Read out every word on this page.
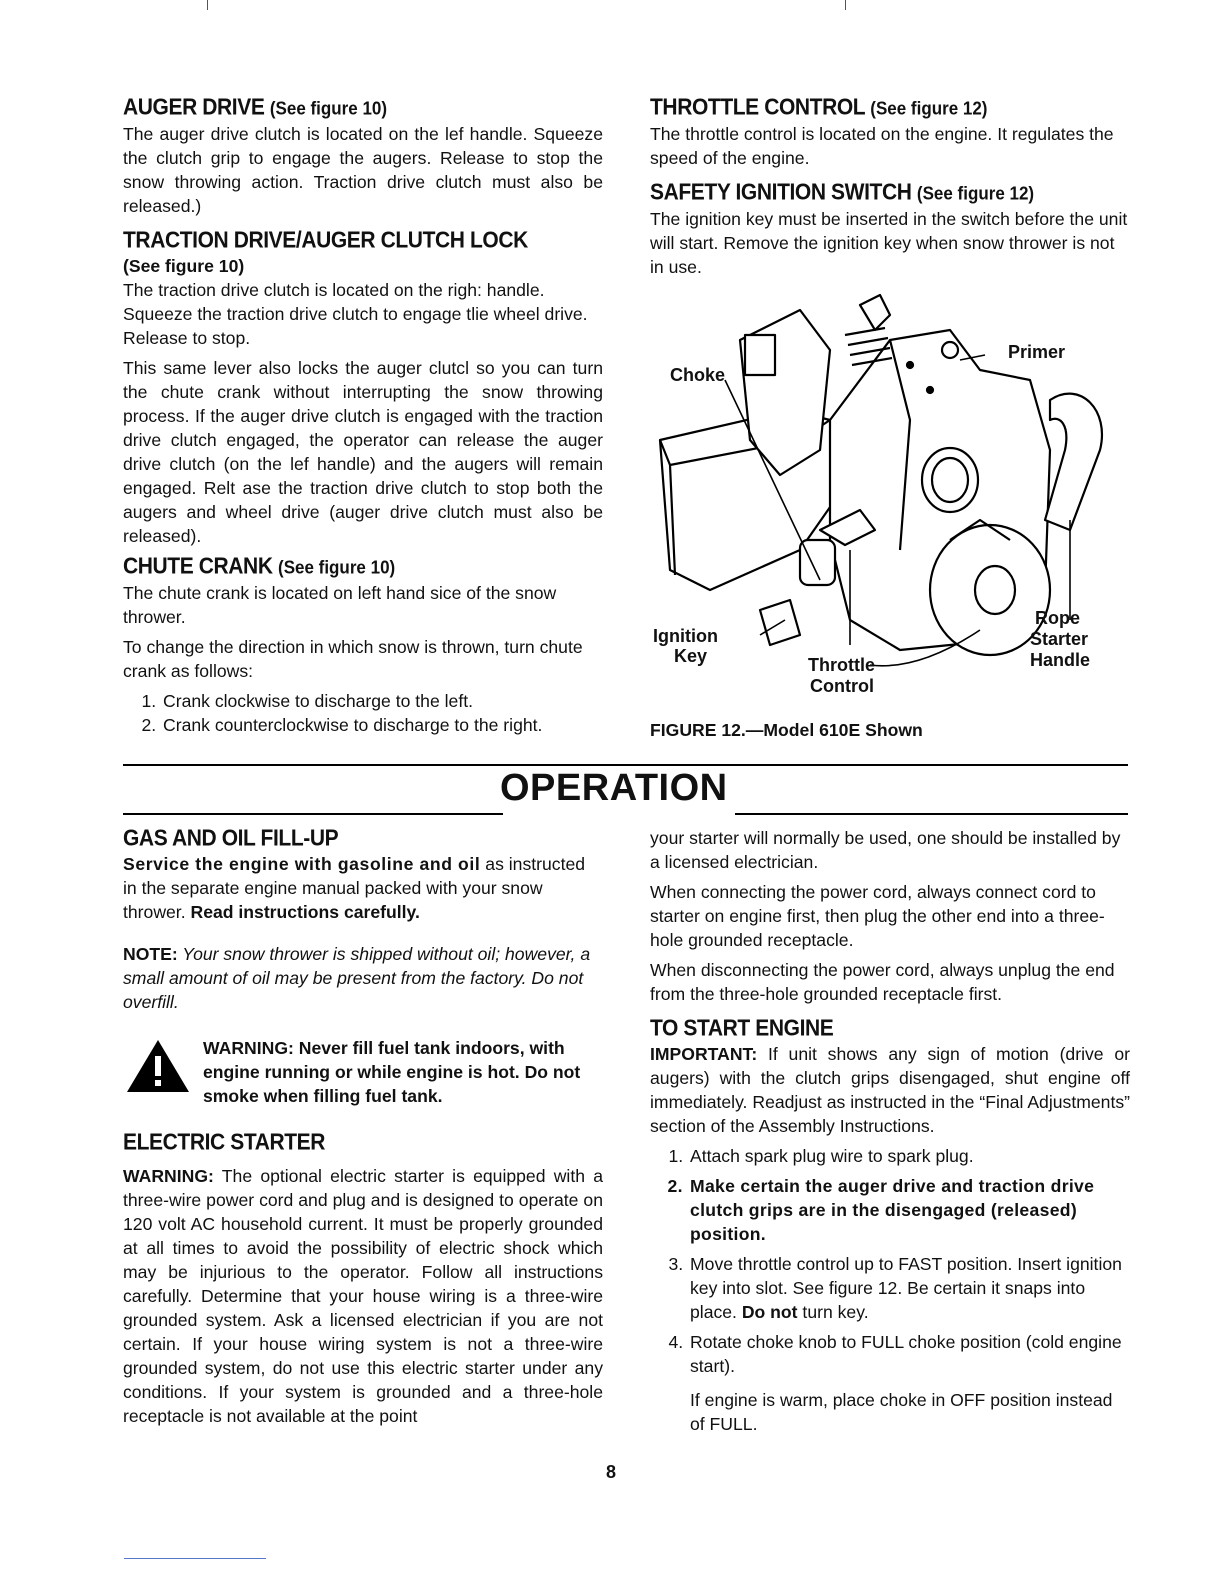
AUGER DRIVE (See figure 10)

The auger drive clutch is located on the lef handle. Squeeze the clutch grip to engage the augers. Release to stop the snow throwing action. Traction drive clutch must also be released.)

TRACTION DRIVE/AUGER CLUTCH LOCK

(See figure 10)

The traction drive clutch is located on the righ: handle. Squeeze the traction drive clutch to engage tlie wheel drive. Release to stop.

This same lever also locks the auger clutcl so you can turn the chute crank without interrupting the snow throwing process. If the auger drive clutch is engaged with the traction drive clutch engaged, the operator can release the auger drive clutch (on the lef handle) and the augers will remain engaged. Relt ase the traction drive clutch to stop both the augers and wheel drive (auger drive clutch must also be released).

CHUTE CRANK (See figure 10)

The chute crank is located on left hand sice of the snow thrower.

To change the direction in which snow is thrown, turn chute crank as follows:

1. Crank clockwise to discharge to the left.
2. Crank counterclockwise to discharge to the right.
THROTTLE CONTROL (See figure 12)

The throttle control is located on the engine. It regulates the speed of the engine.

SAFETY IGNITION SWITCH (See figure 12)

The ignition key must be inserted in the switch before the unit will start. Remove the ignition key when snow thrower is not in use.

Choke
Primer
Ignition
Key	Throttle
Control
Rope
Starter
Handle
FIGURE 12.—Model 610E Shown
OPERATION
GAS AND OIL FILL-UP

Service the engine with gasoline and oil as instructed in the separate engine manual packed with your snow thrower. Read instructions carefully.

NOTE: Your snow thrower is shipped without oil; however, a small amount of oil may be present from the factory. Do not overfill.

WARNING: Never fill fuel tank indoors, with engine running or while engine is hot. Do not smoke when filling fuel tank.
ELECTRIC STARTER

WARNING: The optional electric starter is equipped with a three-wire power cord and plug and is designed to operate on 120 volt AC household current. It must be properly grounded at all times to avoid the possibility of electric shock which may be injurious to the operator. Follow all instructions carefully. Determine that your house wiring is a three-wire grounded system. Ask a licensed electrician if you are not certain. If your house wiring system is not a three-wire grounded system, do not use this electric starter under any conditions. If your system is grounded and a three-hole receptacle is not available at the point

your starter will normally be used, one should be installed by a licensed electrician.

When connecting the power cord, always connect cord to starter on engine first, then plug the other end into a three-hole grounded receptacle.

When disconnecting the power cord, always unplug the end from the three-hole grounded receptacle first.

TO START ENGINE

IMPORTANT: If unit shows any sign of motion (drive or augers) with the clutch grips disengaged, shut engine off immediately. Readjust as instructed in the “Final Adjustments” section of the Assembly Instructions.

1. Attach spark plug wire to spark plug.
2. Make certain the auger drive and traction drive clutch grips are in the disengaged (released) position.
3. Move throttle control up to FAST position. Insert ignition key into slot. See figure 12. Be certain it snaps into place. Do not turn key.
4. Rotate choke knob to FULL choke position (cold engine start).

If engine is warm, place choke in OFF position instead of FULL.

8
